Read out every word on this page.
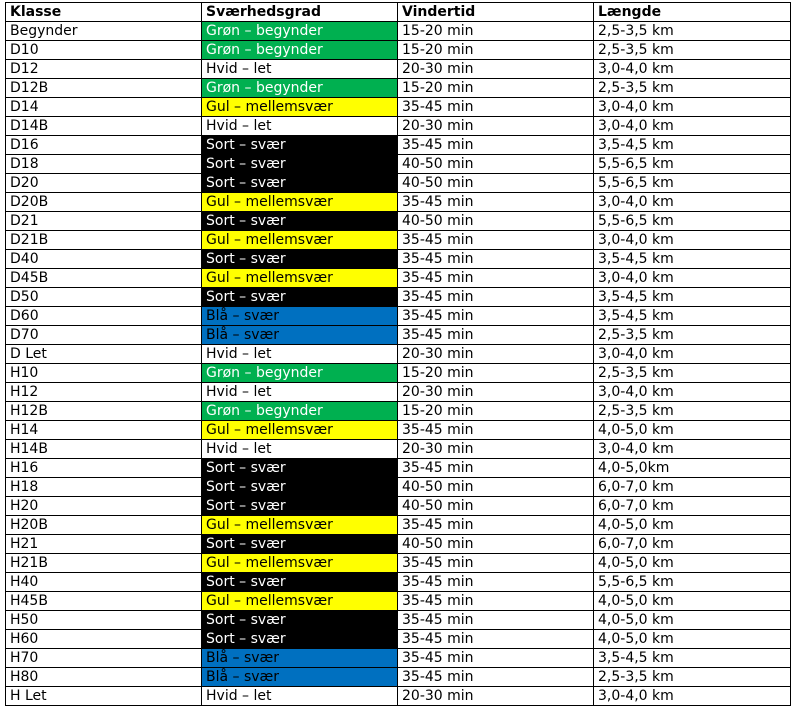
Klasse	Sværhedsgrad	Vindertid	Længde
Begynder	Grøn – begynder	15-20 min	2,5-3,5 km
D10	Grøn – begynder	15-20 min	2,5-3,5 km
D12	Hvid – let	20-30 min	3,0-4,0 km
D12B	Grøn – begynder	15-20 min	2,5-3,5 km
D14	Gul – mellemsvær	35-45 min	3,0-4,0 km
D14B	Hvid – let	20-30 min	3,0-4,0 km
D16	Sort – svær	35-45 min	3,5-4,5 km
D18	Sort – svær	40-50 min	5,5-6,5 km
D20	Sort – svær	40-50 min	5,5-6,5 km
D20B	Gul – mellemsvær	35-45 min	3,0-4,0 km
D21	Sort – svær	40-50 min	5,5-6,5 km
D21B	Gul – mellemsvær	35-45 min	3,0-4,0 km
D40	Sort – svær	35-45 min	3,5-4,5 km
D45B	Gul – mellemsvær	35-45 min	3,0-4,0 km
D50	Sort – svær	35-45 min	3,5-4,5 km
D60	Blå – svær	35-45 min	3,5-4,5 km
D70	Blå – svær	35-45 min	2,5-3,5 km
D Let	Hvid – let	20-30 min	3,0-4,0 km
H10	Grøn – begynder	15-20 min	2,5-3,5 km
H12	Hvid – let	20-30 min	3,0-4,0 km
H12B	Grøn – begynder	15-20 min	2,5-3,5 km
H14	Gul – mellemsvær	35-45 min	4,0-5,0 km
H14B	Hvid – let	20-30 min	3,0-4,0 km
H16	Sort – svær	35-45 min	4,0-5,0km
H18	Sort – svær	40-50 min	6,0-7,0 km
H20	Sort – svær	40-50 min	6,0-7,0 km
H20B	Gul – mellemsvær	35-45 min	4,0-5,0 km
H21	Sort – svær	40-50 min	6,0-7,0 km
H21B	Gul – mellemsvær	35-45 min	4,0-5,0 km
H40	Sort – svær	35-45 min	5,5-6,5 km
H45B	Gul – mellemsvær	35-45 min	4,0-5,0 km
H50	Sort – svær	35-45 min	4,0-5,0 km
H60	Sort – svær	35-45 min	4,0-5,0 km
H70	Blå – svær	35-45 min	3,5-4,5 km
H80	Blå – svær	35-45 min	2,5-3,5 km
H Let	Hvid – let	20-30 min	3,0-4,0 km
